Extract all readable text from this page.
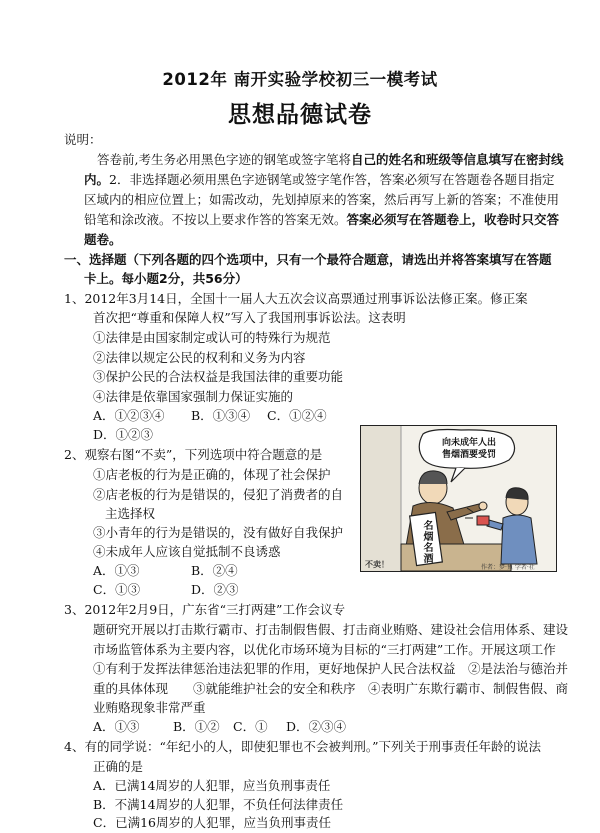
2012年 南开实验学校初三一模考试
思想品德试卷
说明：
答卷前,考生务必用黑色字迹的钢笔或签字笔将自己的姓名和班级等信息填写在密封线
内。2．非选择题必须用黑色字迹钢笔或签字笔作答，答案必须写在答题卷各题目指定
区域内的相应位置上；如需改动，先划掉原来的答案，然后再写上新的答案；不准使用
铅笔和涂改液。不按以上要求作答的答案无效。答案必须写在答题卷上，收卷时只交答
题卷。
一、选择题（下列各题的四个选项中，只有一个最符合题意，请选出并将答案填写在答题
卡上。每小题2分，共56分）
1、2012年3月14日，全国十一届人大五次会议高票通过刑事诉讼法修正案。修正案
首次把“尊重和保障人权”写入了我国刑事诉讼法。这表明
①法律是由国家制定或认可的特殊行为规范
②法律以规定公民的权利和义务为内容
③保护公民的合法权益是我国法律的重要功能
④法律是依靠国家强制力保证实施的
A．①②③④ B．①③④ C．①②④
D．①②③
2、观察右图“不卖”，下列选项中符合题意的是
①店老板的行为是正确的，体现了社会保护
②店老板的行为是错误的，侵犯了消费者的自
主选择权
③小青年的行为是错误的，没有做好自我保护
④未成年人应该自觉抵制不良诱惑
A．①③	B．②④
C．①③	D．②③
向未成年人出
售烟酒要受罚
名烟名酒
不卖！	作者：梦·鱼 学者·社
3、2012年2月9日，广东省“三打两建”工作会议专
题研究开展以打击欺行霸市、打击制假售假、打击商业贿赂、建设社会信用体系、建设
市场监管体系为主要内容，以优化市场环境为目标的“三打两建”工作。开展这项工作
①有利于发挥法律惩治违法犯罪的作用，更好地保护人民合法权益　②是法治与德治并
重的具体体现　　③就能维护社会的安全和秩序　④表明广东欺行霸市、制假售假、商
业贿赂现象非常严重
A．①③	B．①② C．① D．②③④
4、有的同学说：“年纪小的人，即使犯罪也不会被判刑。”下列关于刑事责任年龄的说法
正确的是
A．已满14周岁的人犯罪，应当负刑事责任
B．不满14周岁的人犯罪，不负任何法律责任
C．已满16周岁的人犯罪，应当负刑事责任
